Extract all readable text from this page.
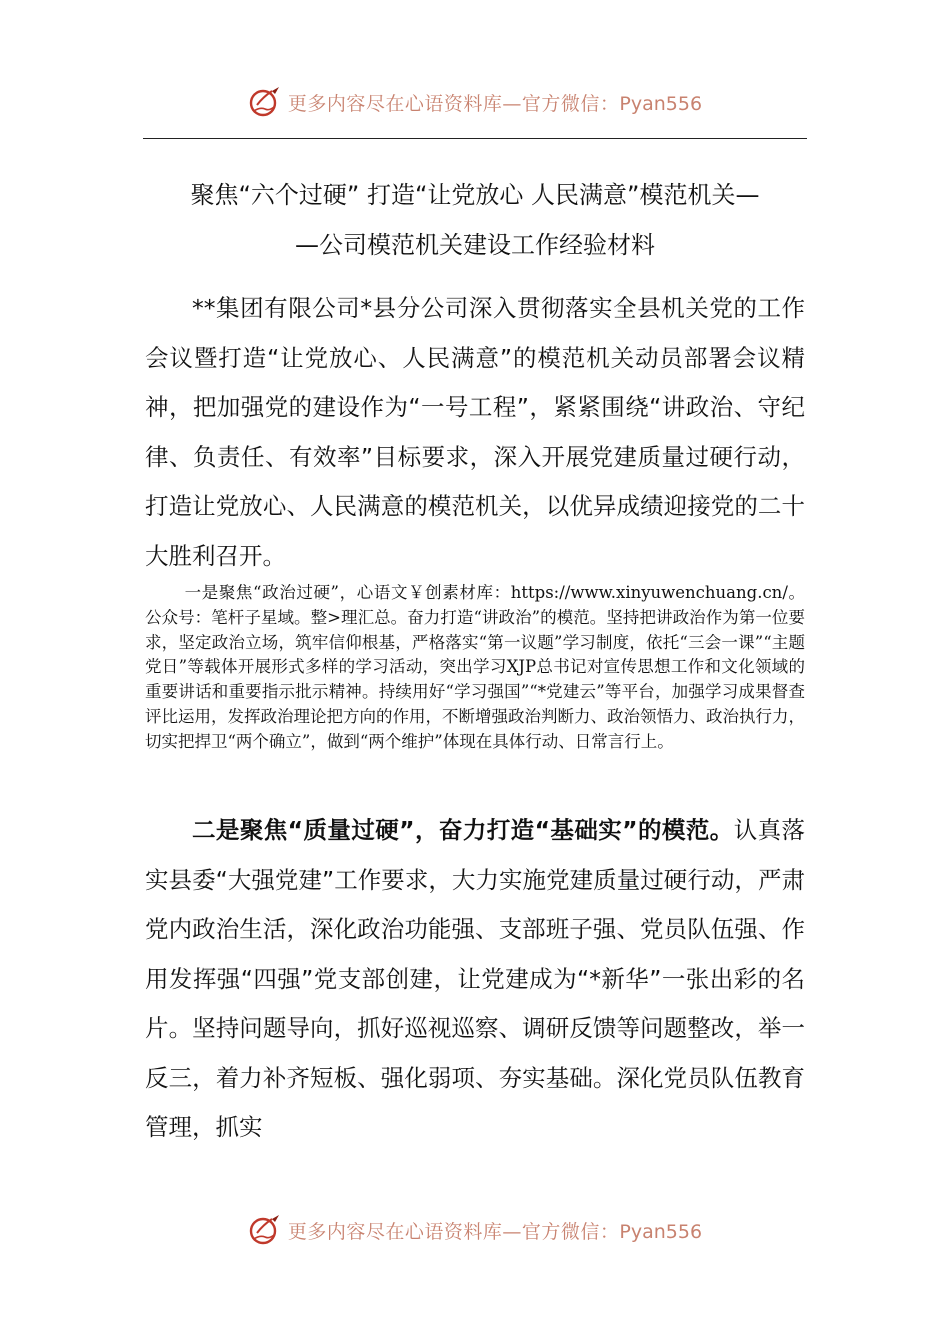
更多内容尽在心语资料库—官方微信：Pyan556
聚焦“六个过硬” 打造“让党放心 人民满意”模范机关—
—公司模范机关建设工作经验材料

**集团有限公司*县分公司深入贯彻落实全县机关党的工作会议暨打造“让党放心、人民满意”的模范机关动员部署会议精神，把加强党的建设作为“一号工程”，紧紧围绕“讲政治、守纪律、负责任、有效率”目标要求，深入开展党建质量过硬行动，打造让党放心、人民满意的模范机关，以优异成绩迎接党的二十大胜利召开。

一是聚焦“政治过硬”，心语文￥创素材库：https://www.xinyuwenchuang.cn/。公众号：笔杆子星域。整>理汇总。奋力打造“讲政治”的模范。坚持把讲政治作为第一位要求，坚定政治立场，筑牢信仰根基，严格落实“第一议题”学习制度，依托“三会一课”“主题党日”等载体开展形式多样的学习活动，突出学习XJP总书记对宣传思想工作和文化领域的重要讲话和重要指示批示精神。持续用好“学习强国”“*党建云”等平台，加强学习成果督查评比运用，发挥政治理论把方向的作用，不断增强政治判断力、政治领悟力、政治执行力，切实把捍卫“两个确立”，做到“两个维护”体现在具体行动、日常言行上。

二是聚焦“质量过硬”，奋力打造“基础实”的模范。认真落实县委“大强党建”工作要求，大力实施党建质量过硬行动，严肃党内政治生活，深化政治功能强、支部班子强、党员队伍强、作用发挥强“四强”党支部创建，让党建成为“*新华”一张出彩的名片。坚持问题导向，抓好巡视巡察、调研反馈等问题整改，举一反三，着力补齐短板、强化弱项、夯实基础。深化党员队伍教育管理，抓实

更多内容尽在心语资料库—官方微信：Pyan556
